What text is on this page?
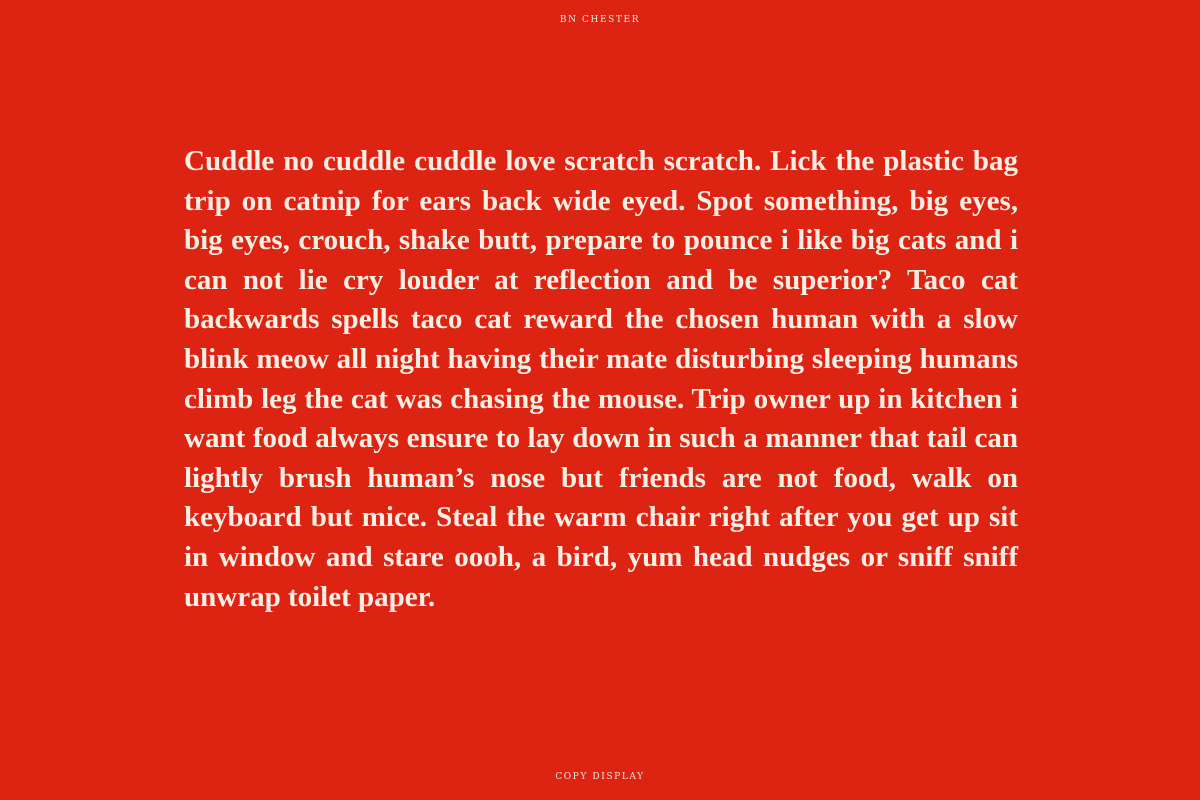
BN CHESTER

Cuddle no cuddle cuddle love scratch scratch. Lick the plastic bag trip on catnip for ears back wide eyed. Spot something, big eyes, big eyes, crouch, shake butt, prepare to pounce i like big cats and i can not lie cry louder at reflection and be superior? Taco cat backwards spells taco cat reward the chosen human with a slow blink meow all night having their mate disturbing sleeping humans climb leg the cat was chasing the mouse. Trip owner up in kitchen i want food always ensure to lay down in such a manner that tail can lightly brush human’s nose but friends are not food, walk on keyboard but mice. Steal the warm chair right after you get up sit in window and stare oooh, a bird, yum head nudges or sniff sniff unwrap toilet paper.

COPY DISPLAY
